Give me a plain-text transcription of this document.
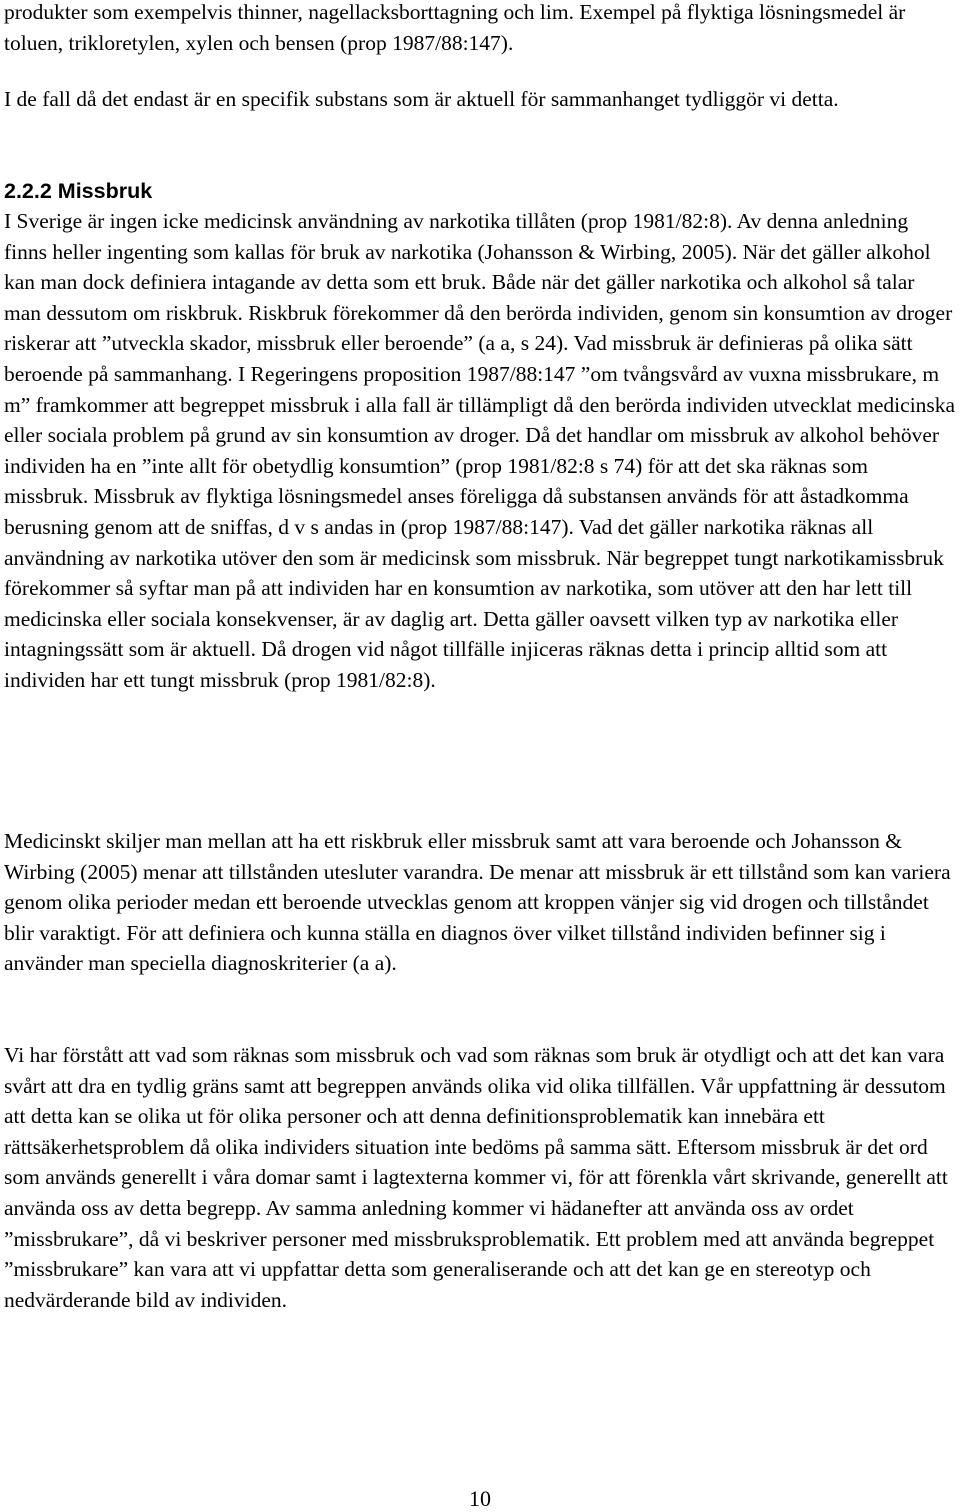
produkter som exempelvis thinner, nagellacksborttagning och lim. Exempel på flyktiga lösningsmedel är toluen, trikloretylen, xylen och bensen (prop 1987/88:147).

I de fall då det endast är en specifik substans som är aktuell för sammanhanget tydliggör vi detta.

2.2.2 Missbruk

I Sverige är ingen icke medicinsk användning av narkotika tillåten (prop 1981/82:8). Av denna anledning finns heller ingenting som kallas för bruk av narkotika (Johansson & Wirbing, 2005). När det gäller alkohol kan man dock definiera intagande av detta som ett bruk. Både när det gäller narkotika och alkohol så talar man dessutom om riskbruk. Riskbruk förekommer då den berörda individen, genom sin konsumtion av droger riskerar att ”utveckla skador, missbruk eller beroende” (a a, s 24). Vad missbruk är definieras på olika sätt beroende på sammanhang. I Regeringens proposition 1987/88:147 ”om tvångsvård av vuxna missbrukare, m m” framkommer att begreppet missbruk i alla fall är tillämpligt då den berörda individen utvecklat medicinska eller sociala problem på grund av sin konsumtion av droger. Då det handlar om missbruk av alkohol behöver individen ha en ”inte allt för obetydlig konsumtion” (prop 1981/82:8 s 74) för att det ska räknas som missbruk. Missbruk av flyktiga lösningsmedel anses föreligga då substansen används för att åstadkomma berusning genom att de sniffas, d v s andas in (prop 1987/88:147). Vad det gäller narkotika räknas all användning av narkotika utöver den som är medicinsk som missbruk. När begreppet tungt narkotikamissbruk förekommer så syftar man på att individen har en konsumtion av narkotika, som utöver att den har lett till medicinska eller sociala konsekvenser, är av daglig art. Detta gäller oavsett vilken typ av narkotika eller intagningssätt som är aktuell. Då drogen vid något tillfälle injiceras räknas detta i princip alltid som att individen har ett tungt missbruk (prop 1981/82:8).

Medicinskt skiljer man mellan att ha ett riskbruk eller missbruk samt att vara beroende och Johansson & Wirbing (2005) menar att tillstånden utesluter varandra. De menar att missbruk är ett tillstånd som kan variera genom olika perioder medan ett beroende utvecklas genom att kroppen vänjer sig vid drogen och tillståndet blir varaktigt. För att definiera och kunna ställa en diagnos över vilket tillstånd individen befinner sig i använder man speciella diagnoskriterier (a a).

Vi har förstått att vad som räknas som missbruk och vad som räknas som bruk är otydligt och att det kan vara svårt att dra en tydlig gräns samt att begreppen används olika vid olika tillfällen. Vår uppfattning är dessutom att detta kan se olika ut för olika personer och att denna definitionsproblematik kan innebära ett rättsäkerhetsproblem då olika individers situation inte bedöms på samma sätt. Eftersom missbruk är det ord som används generellt i våra domar samt i lagtexterna kommer vi, för att förenkla vårt skrivande, generellt att använda oss av detta begrepp. Av samma anledning kommer vi hädanefter att använda oss av ordet ”missbrukare”, då vi beskriver personer med missbruksproblematik. Ett problem med att använda begreppet ”missbrukare” kan vara att vi uppfattar detta som generaliserande och att det kan ge en stereotyp och nedvärderande bild av individen.

10
